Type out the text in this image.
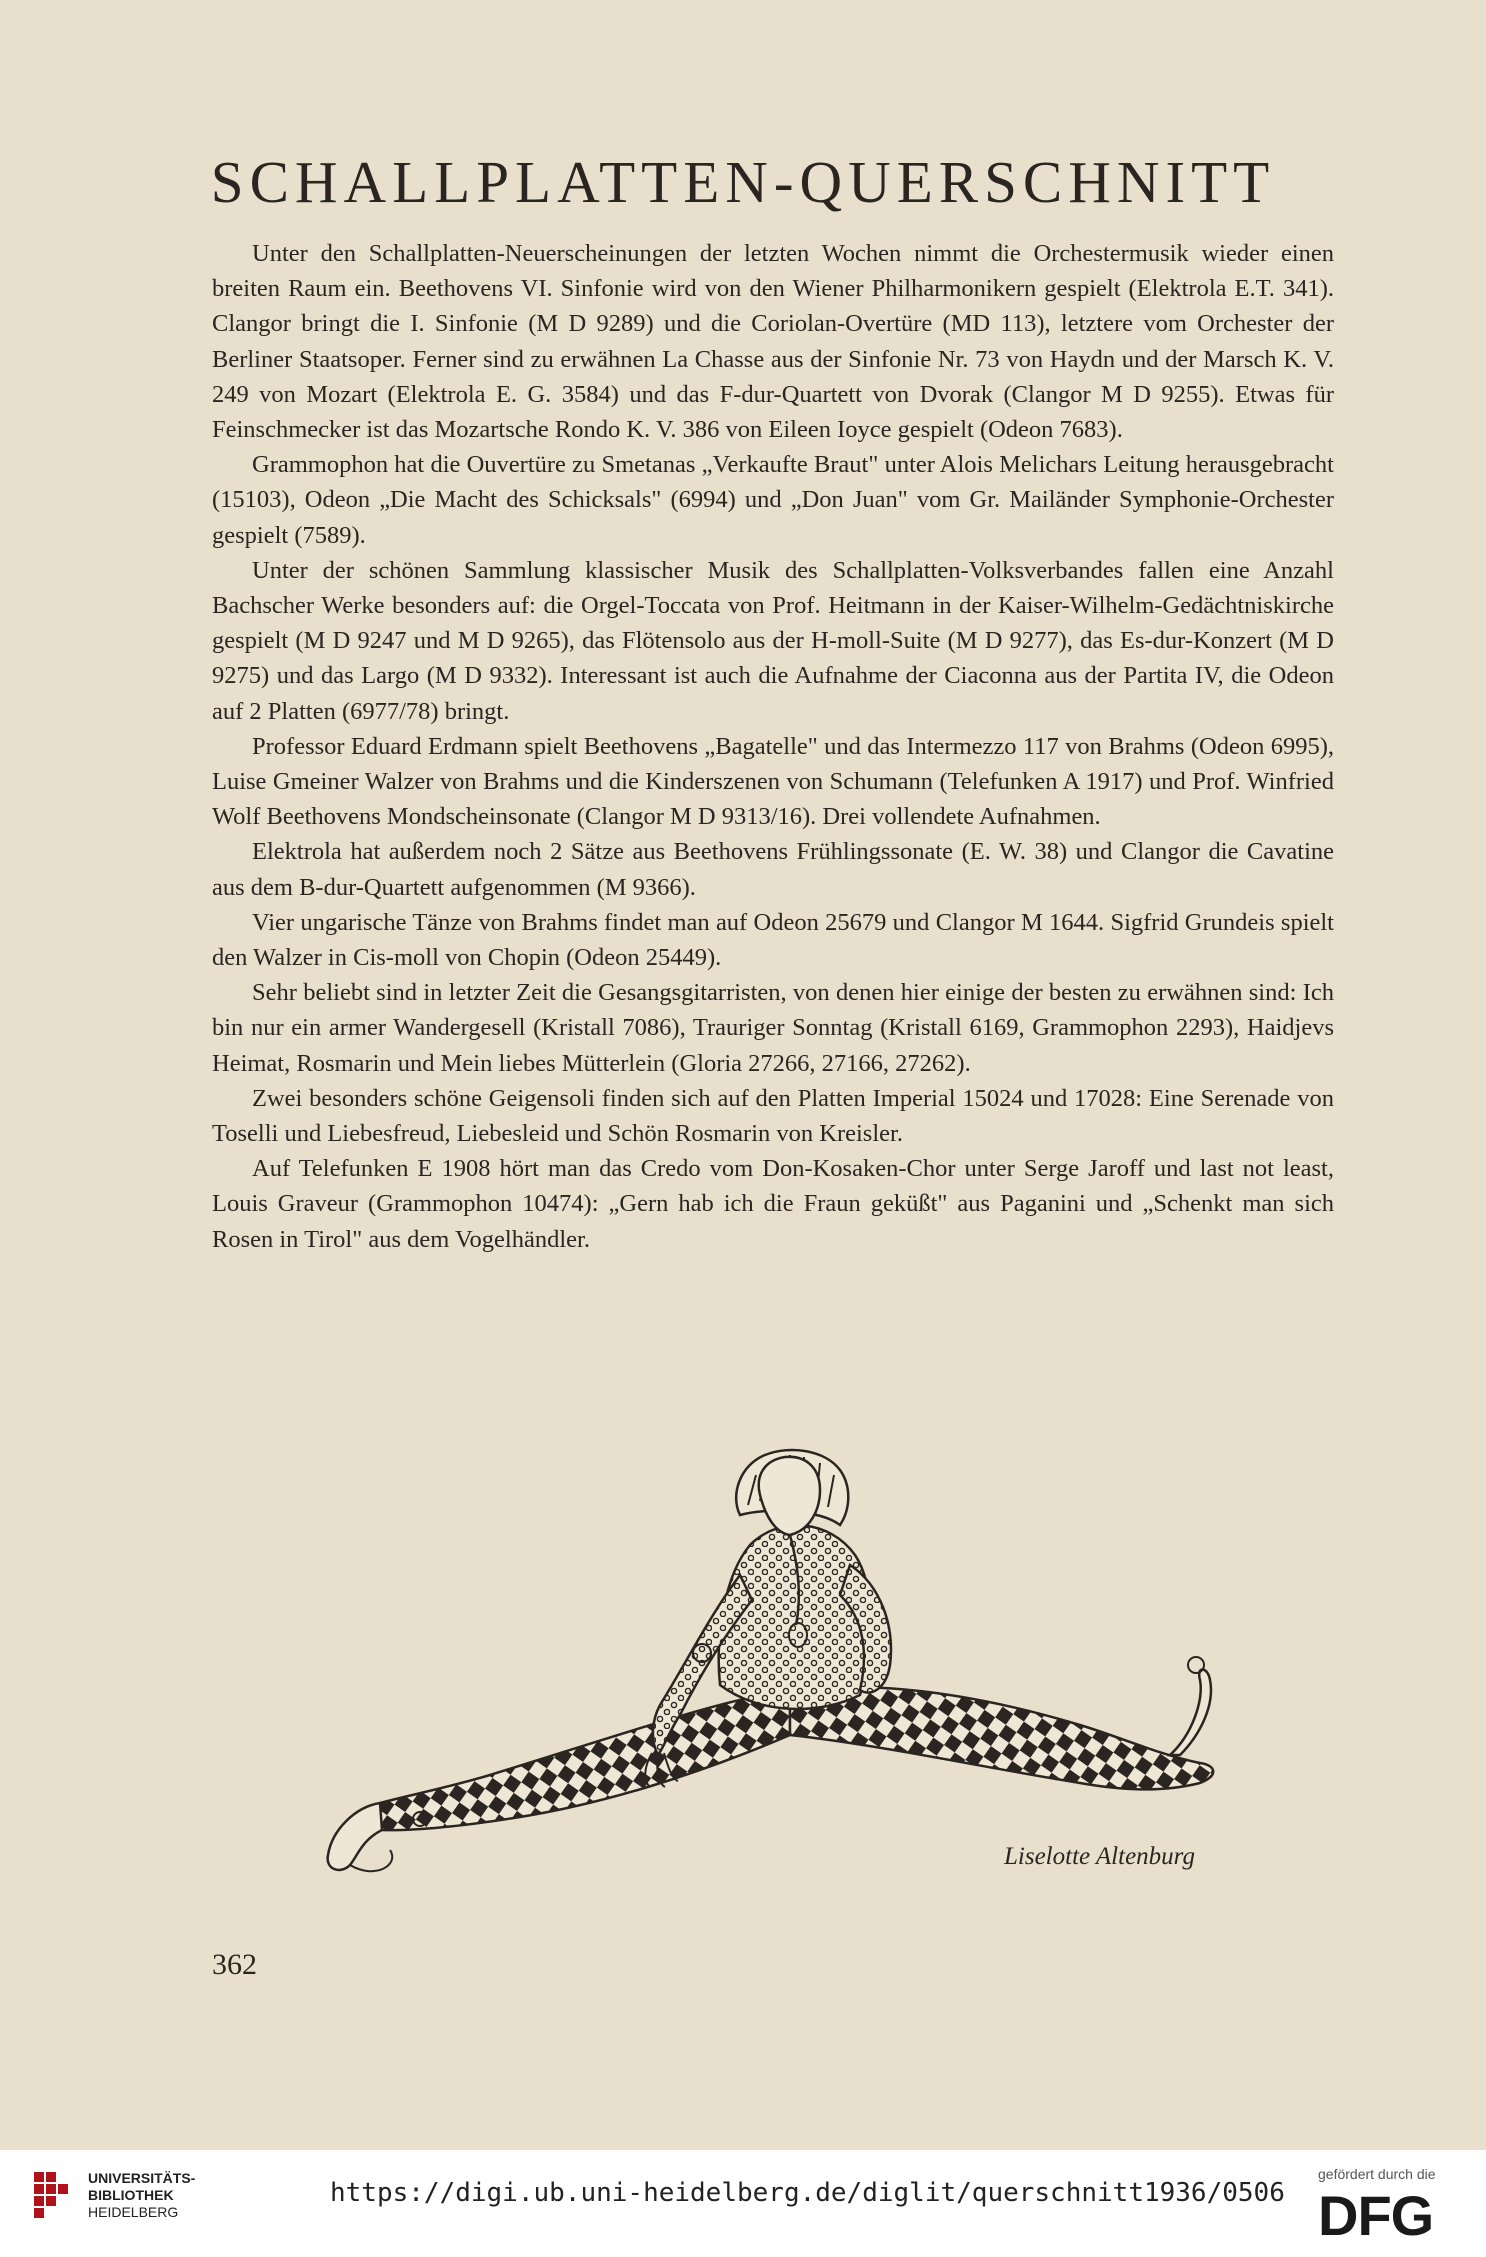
SCHALLPLATTEN-QUERSCHNITT

Unter den Schallplatten-Neuerscheinungen der letzten Wochen nimmt die Orchestermusik wieder einen breiten Raum ein. Beethovens VI. Sinfonie wird von den Wiener Philharmonikern gespielt (Elektrola E.T. 341). Clangor bringt die I. Sinfonie (M D 9289) und die Coriolan-Overtüre (MD 113), letztere vom Orchester der Berliner Staatsoper. Ferner sind zu erwähnen La Chasse aus der Sinfonie Nr. 73 von Haydn und der Marsch K. V. 249 von Mozart (Elektrola E. G. 3584) und das F-dur-Quartett von Dvorak (Clangor M D 9255). Etwas für Feinschmecker ist das Mozartsche Rondo K. V. 386 von Eileen Ioyce gespielt (Odeon 7683).

Grammophon hat die Ouvertüre zu Smetanas „Verkaufte Braut" unter Alois Melichars Leitung herausgebracht (15103), Odeon „Die Macht des Schicksals" (6994) und „Don Juan" vom Gr. Mailänder Symphonie-Orchester gespielt (7589).

Unter der schönen Sammlung klassischer Musik des Schallplatten-Volksverbandes fallen eine Anzahl Bachscher Werke besonders auf: die Orgel-Toccata von Prof. Heitmann in der Kaiser-Wilhelm-Gedächtniskirche gespielt (M D 9247 und M D 9265), das Flötensolo aus der H-moll-Suite (M D 9277), das Es-dur-Konzert (M D 9275) und das Largo (M D 9332). Interessant ist auch die Aufnahme der Ciaconna aus der Partita IV, die Odeon auf 2 Platten (6977/78) bringt.

Professor Eduard Erdmann spielt Beethovens „Bagatelle" und das Intermezzo 117 von Brahms (Odeon 6995), Luise Gmeiner Walzer von Brahms und die Kinderszenen von Schumann (Telefunken A 1917) und Prof. Winfried Wolf Beethovens Mondscheinsonate (Clangor M D 9313/16). Drei vollendete Aufnahmen.

Elektrola hat außerdem noch 2 Sätze aus Beethovens Frühlingssonate (E. W. 38) und Clangor die Cavatine aus dem B-dur-Quartett aufgenommen (M 9366).

Vier ungarische Tänze von Brahms findet man auf Odeon 25679 und Clangor M 1644. Sigfrid Grundeis spielt den Walzer in Cis-moll von Chopin (Odeon 25449).

Sehr beliebt sind in letzter Zeit die Gesangsgitarristen, von denen hier einige der besten zu erwähnen sind: Ich bin nur ein armer Wandergesell (Kristall 7086), Trauriger Sonntag (Kristall 6169, Grammophon 2293), Haidjevs Heimat, Rosmarin und Mein liebes Mütterlein (Gloria 27266, 27166, 27262).

Zwei besonders schöne Geigensoli finden sich auf den Platten Imperial 15024 und 17028: Eine Serenade von Toselli und Liebesfreud, Liebesleid und Schön Rosmarin von Kreisler.

Auf Telefunken E 1908 hört man das Credo vom Don-Kosaken-Chor unter Serge Jaroff und last not least, Louis Graveur (Grammophon 10474): „Gern hab ich die Fraun geküßt" aus Paganini und „Schenkt man sich Rosen in Tirol" aus dem Vogelhändler.

Liselotte Altenburg
362
UNIVERSITÄTS-
BIBLIOTHEK
HEIDELBERG
https://digi.ub.uni-heidelberg.de/diglit/querschnitt1936/0506
gefördert durch die
DFG
